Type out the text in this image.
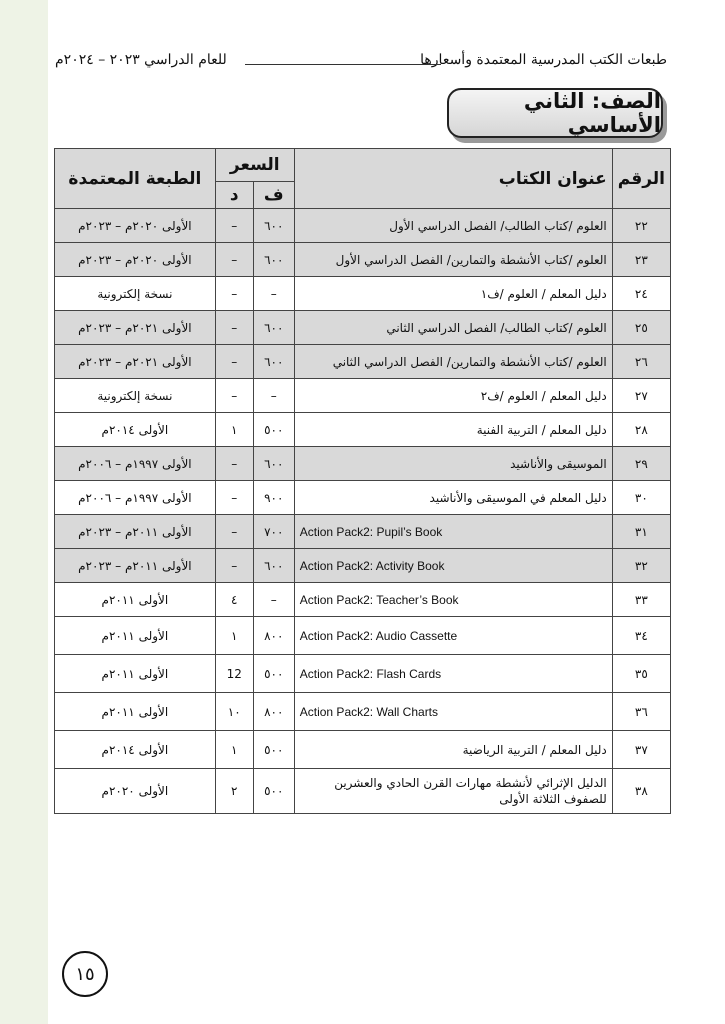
طبعات الكتب المدرسية المعتمدة وأسعارها
للعام الدراسي ٢٠٢٣ – ٢٠٢٤م
الصف: الثاني الأساسي
الرقم	عنوان الكتاب	السعر		الطبعة المعتمدة
		ف	د	
٢٢	العلوم /كتاب الطالب/ الفصل الدراسي الأول	٦٠٠	–	الأولى ٢٠٢٠م – ٢٠٢٣م
٢٣	العلوم /كتاب الأنشطة والتمارين/ الفصل الدراسي الأول	٦٠٠	–	الأولى ٢٠٢٠م – ٢٠٢٣م
٢٤	دليل المعلم / العلوم /ف١	–	–	نسخة إلكترونية
٢٥	العلوم /كتاب الطالب/ الفصل الدراسي الثاني	٦٠٠	–	الأولى ٢٠٢١م – ٢٠٢٣م
٢٦	العلوم /كتاب الأنشطة والتمارين/ الفصل الدراسي الثاني	٦٠٠	–	الأولى ٢٠٢١م – ٢٠٢٣م
٢٧	دليل المعلم / العلوم /ف٢	–	–	نسخة إلكترونية
٢٨	دليل المعلم / التربية الفنية	٥٠٠	١	الأولى ٢٠١٤م
٢٩	الموسيقى والأناشيد	٦٠٠	–	الأولى ١٩٩٧م – ٢٠٠٦م
٣٠	دليل المعلم في الموسيقى والأناشيد	٩٠٠	–	الأولى ١٩٩٧م – ٢٠٠٦م
٣١	Action Pack2: Pupil’s Book	٧٠٠	–	الأولى ٢٠١١م – ٢٠٢٣م
٣٢	Action Pack2: Activity Book	٦٠٠	–	الأولى ٢٠١١م – ٢٠٢٣م
٣٣	Action Pack2: Teacher’s Book	–	٤	الأولى ٢٠١١م
٣٤	Action Pack2: Audio Cassette	٨٠٠	١	الأولى ٢٠١١م
٣٥	Action Pack2: Flash Cards	٥٠٠	12	الأولى ٢٠١١م
٣٦	Action Pack2: Wall Charts	٨٠٠	١٠	الأولى ٢٠١١م
٣٧	دليل المعلم / التربية الرياضية	٥٠٠	١	الأولى ٢٠١٤م
٣٨	الدليل الإثرائي لأنشطة مهارات القرن الحادي والعشرين للصفوف الثلاثة الأولى	٥٠٠	٢	الأولى ٢٠٢٠م
١٥
